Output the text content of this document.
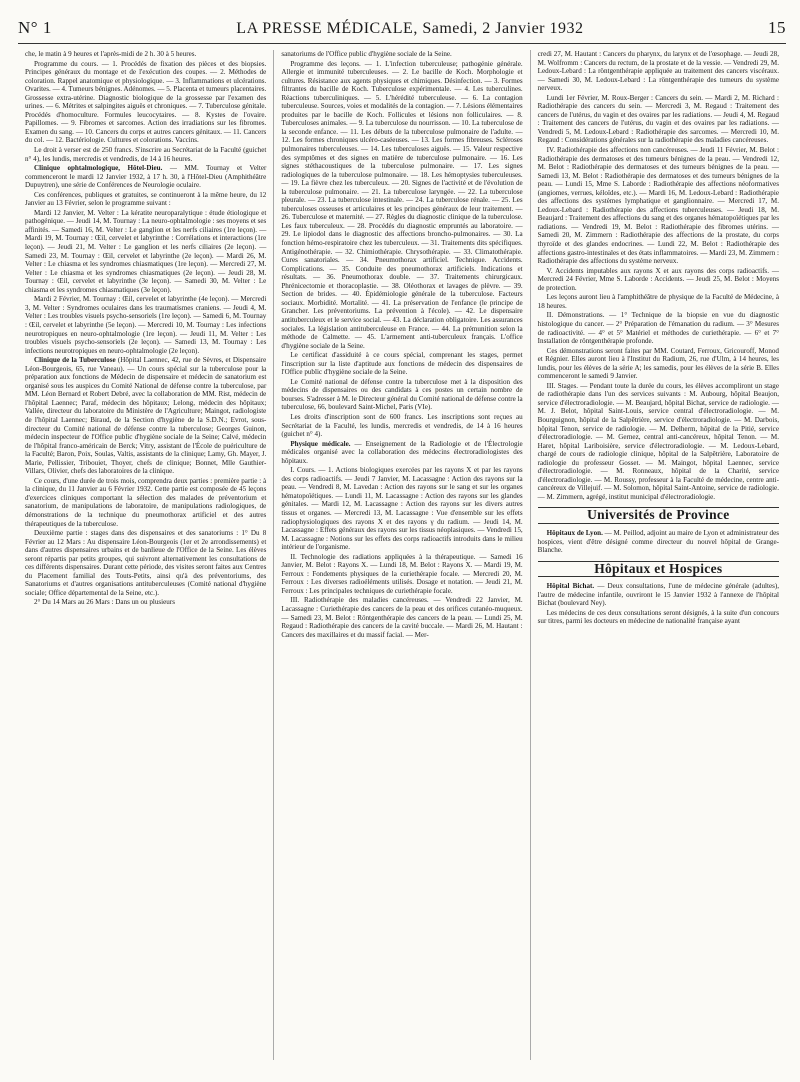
N° 1	LA PRESSE MÉDICALE, Samedi, 2 Janvier 1932	15

che, le matin à 9 heures et l'après-midi de 2 h. 30 à 5 heures.

Programme du cours. — 1. Procédés de fixation des pièces et des biopsies. Principes généraux du montage et de l'exécution des coupes. — 2. Méthodes de coloration. Rappel anatomique et physiologique. — 3. Inflammations et ulcérations. Ovarites. — 4. Tumeurs bénignes. Adénomes. — 5. Placenta et tumeurs placentaires. Grossesse extra-utérine. Diagnostic biologique de la grossesse par l'examen des urines. — 6. Métrites et salpingites aiguës et chroniques. — 7. Tuberculose génitale. Procédés d'homoculture. Formules leucocytaires. — 8. Kystes de l'ovaire. Papillomes. — 9. Fibromes et sarcomes. Action des irradiations sur les fibromes. Examen du sang. — 10. Cancers du corps et autres cancers génitaux. — 11. Cancers du col. — 12. Bactériologie. Cultures et colorations. Vaccins.

Le droit à verser est de 250 francs. S'inscrire au Secrétariat de la Faculté (guichet n° 4), les lundis, mercredis et vendredis, de 14 à 16 heures.

Clinique ophtalmologique, Hôtel-Dieu. — MM. Tournay et Velter commenceront le mardi 12 Janvier 1932, à 17 h. 30, à l'Hôtel-Dieu (Amphithéâtre Dupuytren), une série de Conférences de Neurologie oculaire.

Ces conférences, publiques et gratuites, se continueront à la même heure, du 12 Janvier au 13 Février, selon le programme suivant :

Mardi 12 Janvier, M. Velter : La kératite neuroparalytique : étude étiologique et pathogénique. — Jeudi 14, M. Tournay : La neuro-ophtalmologie : ses moyens et ses affinités. — Samedi 16, M. Velter : Le ganglion et les nerfs ciliaires (1re leçon). — Mardi 19, M. Tournay : Œil, cervelet et labyrinthe : Corrélations et interactions (1re leçon). — Jeudi 21, M. Velter : Le ganglion et les nerfs ciliaires (2e leçon). — Samedi 23, M. Tournay : Œil, cervelet et labyrinthe (2e leçon). — Mardi 26, M. Velter : Le chiasma et les syndromes chiasmatiques (1re leçon). — Mercredi 27, M. Velter : Le chiasma et les syndromes chiasmatiques (2e leçon). — Jeudi 28, M. Tournay : Œil, cervelet et labyrinthe (3e leçon). — Samedi 30, M. Velter : Le chiasma et les syndromes chiasmatiques (3e leçon).

Mardi 2 Février, M. Tournay : Œil, cervelet et labyrinthe (4e leçon). — Mercredi 3, M. Velter : Syndromes oculaires dans les traumatismes craniens. — Jeudi 4, M. Velter : Les troubles visuels psycho-sensoriels (1re leçon). — Samedi 6, M. Tournay : Œil, cervelet et labyrinthe (5e leçon). — Mercredi 10, M. Tournay : Les infections neurotropiques en neuro-ophtalmologie (1re leçon). — Jeudi 11, M. Velter : Les troubles visuels psycho-sensoriels (2e leçon). — Samedi 13, M. Tournay : Les infections neurotropiques en neuro-ophtalmologie (2e leçon).

Clinique de la Tuberculose (Hôpital Laennec, 42, rue de Sèvres, et Dispensaire Léon-Bourgeois, 65, rue Vaneau). — Un cours spécial sur la tuberculose pour la préparation aux fonctions de Médecin de dispensaire et médecin de sanatorium est organisé sous les auspices du Comité National de défense contre la tuberculose, par MM. Léon Bernard et Robert Debré, avec la collaboration de MM. Rist, médecin de l'hôpital Laennec; Paraf, médecin des hôpitaux; Lelong, médecin des hôpitaux; Vallée, directeur du laboratoire du Ministère de l'Agriculture; Maingot, radiologiste de l'hôpital Laennec; Biraud, de la Section d'hygiène de la S.D.N.; Evrot, sous-directeur du Comité national de défense contre la tuberculose; Georges Guinon, médecin inspecteur de l'Office public d'hygiène sociale de la Seine; Calvé, médecin de l'hôpital franco-américain de Berck; Vitry, assistant de l'École de puériculture de la Faculté; Baron, Poix, Soulas, Valtis, assistants de la clinique; Lamy, Gh. Mayer, J. Marie, Pellissier, Tribouiet, Thoyer, chefs de clinique; Bonnet, Mlle Gauthier-Villars, Olivier, chefs des laboratoires de la clinique.

Ce cours, d'une durée de trois mois, comprendra deux parties : première partie : à la clinique, du 11 Janvier au 6 Février 1932. Cette partie est composée de 45 leçons d'exercices cliniques comportant la sélection des malades de préventorium et sanatorium, de manipulations de laboratoire, de manipulations radiologiques, de démonstrations de la technique du pneumothorax artificiel et des autres thérapeutiques de la tuberculose.

Deuxième partie : stages dans des dispensaires et des sanatoriums : 1° Du 8 Février au 12 Mars : Au dispensaire Léon-Bourgeois (1er et 2e arrondissements) et dans d'autres dispensaires urbains et de banlieue de l'Office de la Seine. Les élèves seront répartis par petits groupes, qui suivront alternativement les consultations de ces différents dispensaires. Durant cette période, des visites seront faites aux Centres du Placement familial des Touts-Petits, ainsi qu'à des préventoriums, des Sanatoriums et d'autres organisations antituberculeuses (Comité national d'hygiène sociale; Office départemental de la Seine, etc.).

2° Du 14 Mars au 26 Mars : Dans un ou plusieurs

sanatoriums de l'Office public d'hygiène sociale de la Seine.

Programme des leçons. — 1. L'infection tuberculeuse; pathogénie générale. Allergie et immunité tuberculeuses. — 2. Le bacille de Koch. Morphologie et cultures. Résistance aux agents physiques et chimiques. Désinfection. — 3. Formes filtrantes du bacille de Koch. Tuberculose expérimentale. — 4. Les tuberculines. Réactions tuberculiniques. — 5. L'hérédité tuberculeuse. — 6. La contagion tuberculeuse. Sources, voies et modalités de la contagion. — 7. Lésions élémentaires produites par le bacille de Koch. Follicules et lésions non folliculaires. — 8. Tuberculoses animales. — 9. La tuberculose du nourrisson. — 10. La tuberculose de la seconde enfance. — 11. Les débuts de la tuberculose pulmonaire de l'adulte. — 12. Les formes chroniques ulcéro-caséeuses. — 13. Les formes fibreuses. Scléroses pulmonaires tuberculeuses. — 14. Les tuberculoses aiguës. — 15. Valeur respective des symptômes et des signes en matière de tuberculose pulmonaire. — 16. Les signes stéthacoustiques de la tuberculose pulmonaire. — 17. Les signes radiologiques de la tuberculose pulmonaire. — 18. Les hémoptysies tuberculeuses. — 19. La fièvre chez les tuberculeux. — 20. Signes de l'activité et de l'évolution de la tuberculose pulmonaire. — 21. La tuberculose laryngée. — 22. La tuberculose pleurale. — 23. La tuberculose intestinale. — 24. La tuberculose rénale. — 25. Les tuberculoses osseuses et articulaires et les principes généraux de leur traitement. — 26. Tuberculose et maternité. — 27. Règles du diagnostic clinique de la tuberculose. Les faux tuberculeux. — 28. Procédés du diagnostic empruntés au laboratoire. — 29. Le lipiodol dans le diagnostic des affections broncho-pulmonaires. — 30. La fonction hémo-respiratoire chez les tuberculeux. — 31. Traitements dits spécifiques. Antigénothérapie. — 32. Chimiothérapie. Chrysothérapie. — 33. Climatothérapie. Cures sanatoriales. — 34. Pneumothorax artificiel. Technique. Accidents. Complications. — 35. Conduite des pneumothorax artificiels. Indications et résultats. — 36. Pneumothorax double. — 37. Traitements chirurgicaux. Phrénicectomie et thoracoplastie. — 38. Oléothorax et lavages de plèvre. — 39. Section de brides. — 40. Épidémiologie générale de la tuberculose. Facteurs sociaux. Morbidité. Mortalité. — 41. La préservation de l'enfance (le principe de Grancher. Les préventoriums. La prévention à l'école). — 42. Le dispensaire antituberculeux et le service social. — 43. La déclaration obligatoire. Les assurances sociales. La législation antituberculeuse en France. — 44. La prémunition selon la méthode de Calmette. — 45. L'armement anti-tuberculeux français. L'office d'hygiène sociale de la Seine.

Le certificat d'assiduité à ce cours spécial, comprenant les stages, permet l'inscription sur la liste d'aptitude aux fonctions de médecin des dispensaires de l'Office public d'hygiène sociale de la Seine.

Le Comité national de défense contre la tuberculose met à la disposition des médecins de dispensaires ou des candidats à ces postes un certain nombre de bourses. S'adresser à M. le Directeur général du Comité national de défense contre la tuberculose, 66, boulevard Saint-Michel, Paris (VIe).

Les droits d'inscription sont de 600 francs. Les inscriptions sont reçues au Secrétariat de la Faculté, les lundis, mercredis et vendredis, de 14 à 16 heures (guichet n° 4).

Physique médicale. — Enseignement de la Radiologie et de l'Électrologie médicales organisé avec la collaboration des médecins électroradiologistes des hôpitaux.

I. Cours. — 1. Actions biologiques exercées par les rayons X et par les rayons des corps radioactifs. — Jeudi 7 Janvier, M. Lacassagne : Action des rayons sur la peau. — Vendredi 8, M. Lavedan : Action des rayons sur le sang et sur les organes hématopoïétiques. — Lundi 11, M. Lacassagne : Action des rayons sur les glandes génitales. — Mardi 12, M. Lacassagne : Action des rayons sur les divers autres tissus et organes. — Mercredi 13, M. Lacassagne : Vue d'ensemble sur les effets radiophysiologiques des rayons X et des rayons γ du radium. — Jeudi 14, M. Lacassagne : Effets généraux des rayons sur les tissus néoplasiques. — Vendredi 15, M. Lacassagne : Notions sur les effets des corps radioactifs introduits dans le milieu intérieur de l'organisme.

II. Technologie des radiations appliquées à la thérapeutique. — Samedi 16 Janvier, M. Belot : Rayons X. — Lundi 18, M. Belot : Rayons X. — Mardi 19, M. Ferroux : Fondements physiques de la curiethérapie focale. — Mercredi 20, M. Ferroux : Les diverses radioéléments utilisés. Dosage et notation. — Jeudi 21, M. Ferroux : Les principales techniques de curiethérapie focale.

III. Radiothérapie des maladies cancéreuses. — Vendredi 22 Janvier, M. Lacassagne : Curiethérapie des cancers de la peau et des orifices cutanéo-muqueux. — Samedi 23, M. Belot : Röntgenthérapie des cancers de la peau. — Lundi 25, M. Regaud : Radiothérapie des cancers de la cavité buccale. — Mardi 26, M. Hautant : Cancers des maxillaires et du massif facial. — Mer-

credi 27, M. Hautant : Cancers du pharynx, du larynx et de l'œsophage. — Jeudi 28, M. Wolfromm : Cancers du rectum, de la prostate et de la vessie. — Vendredi 29, M. Ledoux-Lebard : La röntgenthérapie appliquée au traitement des cancers viscéraux. — Samedi 30, M. Ledoux-Lebard : La röntgenthérapie des tumeurs du système nerveux.

Lundi 1er Février, M. Roux-Berger : Cancers du sein. — Mardi 2, M. Richard : Radiothérapie des cancers du sein. — Mercredi 3, M. Regaud : Traitement des cancers de l'utérus, du vagin et des ovaires par les radiations. — Jeudi 4, M. Regaud : Traitement des cancers de l'utérus, du vagin et des ovaires par les radiations. — Vendredi 5, M. Ledoux-Lebard : Radiothérapie des sarcomes. — Mercredi 10, M. Regaud : Considérations générales sur la radiothérapie des maladies cancéreuses.

IV. Radiothérapie des affections non cancéreuses. — Jeudi 11 Février, M. Belot : Radiothérapie des dermatoses et des tumeurs bénignes de la peau. — Vendredi 12, M. Belot : Radiothérapie des dermatoses et des tumeurs bénignes de la peau. — Samedi 13, M. Belot : Radiothérapie des dermatoses et des tumeurs bénignes de la peau. — Lundi 15, Mme S. Laborde : Radiothérapie des affections néoformatives (angiomes, verrues, kéloïdes, etc.). — Mardi 16, M. Ledoux-Lebard : Radiothérapie des affections des systèmes lymphatique et ganglionnaire. — Mercredi 17, M. Ledoux-Lebard : Radiothérapie des affections tuberculeuses. — Jeudi 18, M. Beaujard : Traitement des affections du sang et des organes hématopoïétiques par les radiations. — Vendredi 19, M. Belot : Radiothérapie des fibromes utérins. — Samedi 20, M. Zimmern : Radiothérapie des affections de la prostate, du corps thyroïde et des glandes endocrines. — Lundi 22, M. Belot : Radiothérapie des affections gastro-intestinales et des états inflammatoires. — Mardi 23, M. Zimmern : Radiothérapie des affections du système nerveux.

V. Accidents imputables aux rayons X et aux rayons des corps radioactifs. — Mercredi 24 Février, Mme S. Laborde : Accidents. — Jeudi 25, M. Belot : Moyens de protection.

Les leçons auront lieu à l'amphithéâtre de physique de la Faculté de Médecine, à 18 heures.

II. Démonstrations. — 1° Technique de la biopsie en vue du diagnostic histologique du cancer. — 2° Préparation de l'émanation du radium. — 3° Mesures de radioactivité. — 4° et 5° Matériel et méthodes de curiethérapie. — 6° et 7° Installation de röntgenthérapie profonde.

Ces démonstrations seront faites par MM. Coutard, Ferroux, Gricouroff, Monod et Régnier. Elles auront lieu à l'Institut du Radium, 26, rue d'Ulm, à 14 heures, les lundis, pour les élèves de la série A; les samedis, pour les élèves de la série B. Elles commenceront le samedi 9 Janvier.

III. Stages. — Pendant toute la durée du cours, les élèves accompliront un stage de radiothérapie dans l'un des services suivants : M. Aubourg, hôpital Beaujon, service d'électroradiologie. — M. Beaujard, hôpital Bichat, service de radiologie. — M. J. Belot, hôpital Saint-Louis, service central d'électroradiologie. — M. Bourguignon, hôpital de la Salpêtrière, service d'électroradiologie. — M. Darbois, hôpital Tenon, service de radiologie. — M. Delherm, hôpital de la Pitié, service d'électroradiologie. — M. Gernez, central anti-cancéreux, hôpital Tenon. — M. Haret, hôpital Lariboisière, service d'électroradiologie. — M. Ledoux-Lebard, chargé de cours de radiologie clinique, hôpital de la Salpêtrière, Laboratoire de radiologie du professeur Gosset. — M. Maingot, hôpital Laennec, service d'électroradiologie. — M. Ronneaux, hôpital de la Charité, service d'électroradiologie. — M. Roussy, professeur à la Faculté de médecine, centre anti-cancéreux de Villejuif. — M. Solomon, hôpital Saint-Antoine, service de radiologie. — M. Zimmern, agrégé, institut municipal d'électroradiologie.

Universités de Province

Hôpitaux de Lyon. — M. Peillod, adjoint au maire de Lyon et administrateur des hospices, vient d'être désigné comme directeur du nouvel hôpital de Grange-Blanche.

Hôpitaux et Hospices

Hôpital Bichat. — Deux consultations, l'une de médecine générale (adultes), l'autre de médecine infantile, ouvriront le 15 Janvier 1932 à l'annexe de l'hôpital Bichat (boulevard Ney).

Les médecins de ces deux consultations seront désignés, à la suite d'un concours sur titres, parmi les docteurs en médecine de nationalité française ayant
